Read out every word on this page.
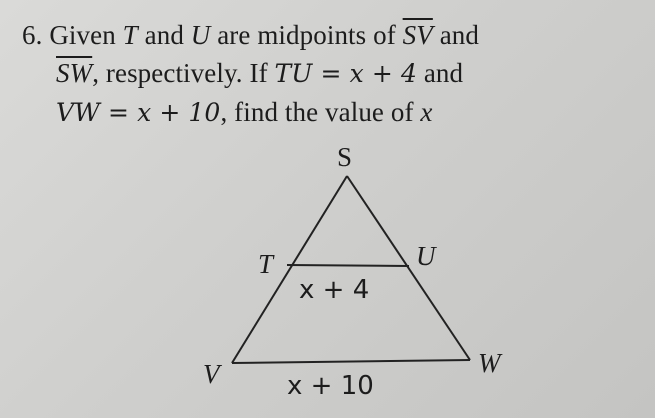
6. Given T and U are midpoints of $\overline{SV}$ and
$\overline{SW}$, respectively. If TU = x + 4 and
VW = x + 10, find the value of x
S
T	U
V	W
x + 4
x + 10
